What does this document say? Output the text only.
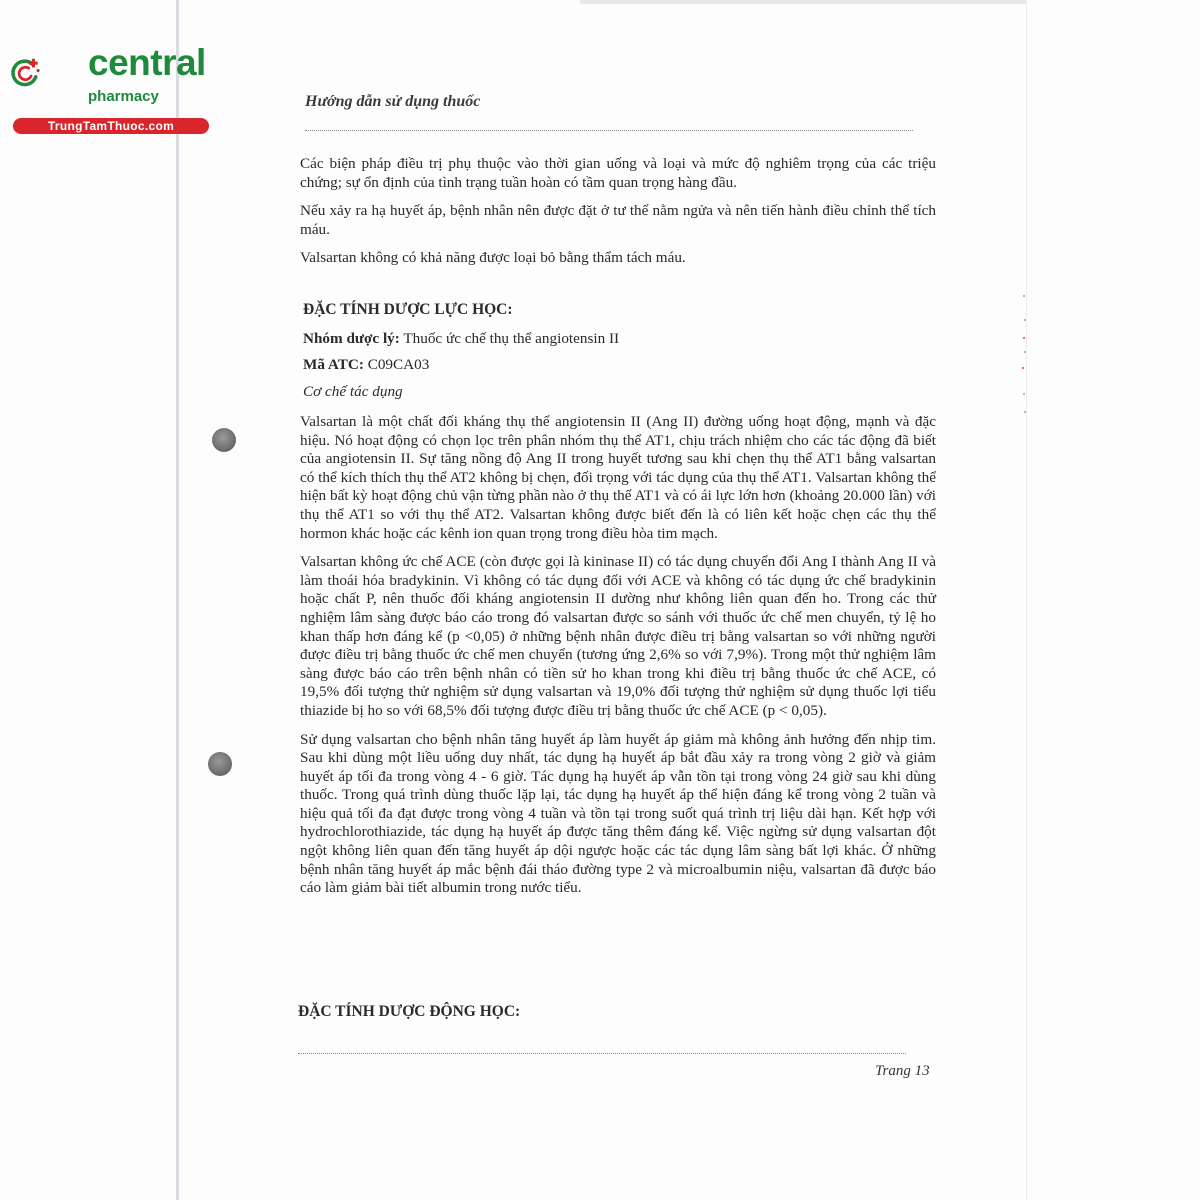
central
pharmacy
TrungTamThuoc.com
Hướng dẫn sử dụng thuốc

Các biện pháp điều trị phụ thuộc vào thời gian uống và loại và mức độ nghiêm trọng của các triệu chứng; sự ổn định của tình trạng tuần hoàn có tầm quan trọng hàng đầu.

Nếu xảy ra hạ huyết áp, bệnh nhân nên được đặt ở tư thế nằm ngửa và nên tiến hành điều chỉnh thể tích máu.

Valsartan không có khả năng được loại bỏ bằng thẩm tách máu.

ĐẶC TÍNH DƯỢC LỰC HỌC:
Nhóm dược lý: Thuốc ức chế thụ thể angiotensin II
Mã ATC: C09CA03
Cơ chế tác dụng

Valsartan là một chất đối kháng thụ thể angiotensin II (Ang II) đường uống hoạt động, mạnh và đặc hiệu. Nó hoạt động có chọn lọc trên phân nhóm thụ thể AT1, chịu trách nhiệm cho các tác động đã biết của angiotensin II. Sự tăng nồng độ Ang II trong huyết tương sau khi chẹn thụ thể AT1 bằng valsartan có thể kích thích thụ thể AT2 không bị chẹn, đối trọng với tác dụng của thụ thể AT1. Valsartan không thể hiện bất kỳ hoạt động chủ vận từng phần nào ở thụ thể AT1 và có ái lực lớn hơn (khoảng 20.000 lần) với thụ thể AT1 so với thụ thể AT2. Valsartan không được biết đến là có liên kết hoặc chẹn các thụ thể hormon khác hoặc các kênh ion quan trọng trong điều hòa tim mạch.

Valsartan không ức chế ACE (còn được gọi là kininase II) có tác dụng chuyển đổi Ang I thành Ang II và làm thoái hóa bradykinin. Vì không có tác dụng đối với ACE và không có tác dụng ức chế bradykinin hoặc chất P, nên thuốc đối kháng angiotensin II dường như không liên quan đến ho. Trong các thử nghiệm lâm sàng được báo cáo trong đó valsartan được so sánh với thuốc ức chế men chuyển, tỷ lệ ho khan thấp hơn đáng kể (p <0,05) ở những bệnh nhân được điều trị bằng valsartan so với những người được điều trị bằng thuốc ức chế men chuyển (tương ứng 2,6% so với 7,9%). Trong một thử nghiệm lâm sàng được báo cáo trên bệnh nhân có tiền sử ho khan trong khi điều trị bằng thuốc ức chế ACE, có 19,5% đối tượng thử nghiệm sử dụng valsartan và 19,0% đối tượng thử nghiệm sử dụng thuốc lợi tiểu thiazide bị ho so với 68,5% đối tượng được điều trị bằng thuốc ức chế ACE (p < 0,05).

Sử dụng valsartan cho bệnh nhân tăng huyết áp làm huyết áp giảm mà không ảnh hưởng đến nhịp tim. Sau khi dùng một liều uống duy nhất, tác dụng hạ huyết áp bắt đầu xảy ra trong vòng 2 giờ và giảm huyết áp tối đa trong vòng 4 - 6 giờ. Tác dụng hạ huyết áp vẫn tồn tại trong vòng 24 giờ sau khi dùng thuốc. Trong quá trình dùng thuốc lặp lại, tác dụng hạ huyết áp thể hiện đáng kể trong vòng 2 tuần và hiệu quả tối đa đạt được trong vòng 4 tuần và tồn tại trong suốt quá trình trị liệu dài hạn. Kết hợp với hydrochlorothiazide, tác dụng hạ huyết áp được tăng thêm đáng kể. Việc ngừng sử dụng valsartan đột ngột không liên quan đến tăng huyết áp dội ngược hoặc các tác dụng lâm sàng bất lợi khác. Ở những bệnh nhân tăng huyết áp mắc bệnh đái tháo đường type 2 và microalbumin niệu, valsartan đã được báo cáo làm giảm bài tiết albumin trong nước tiểu.

ĐẶC TÍNH DƯỢC ĐỘNG HỌC:
Trang 13
